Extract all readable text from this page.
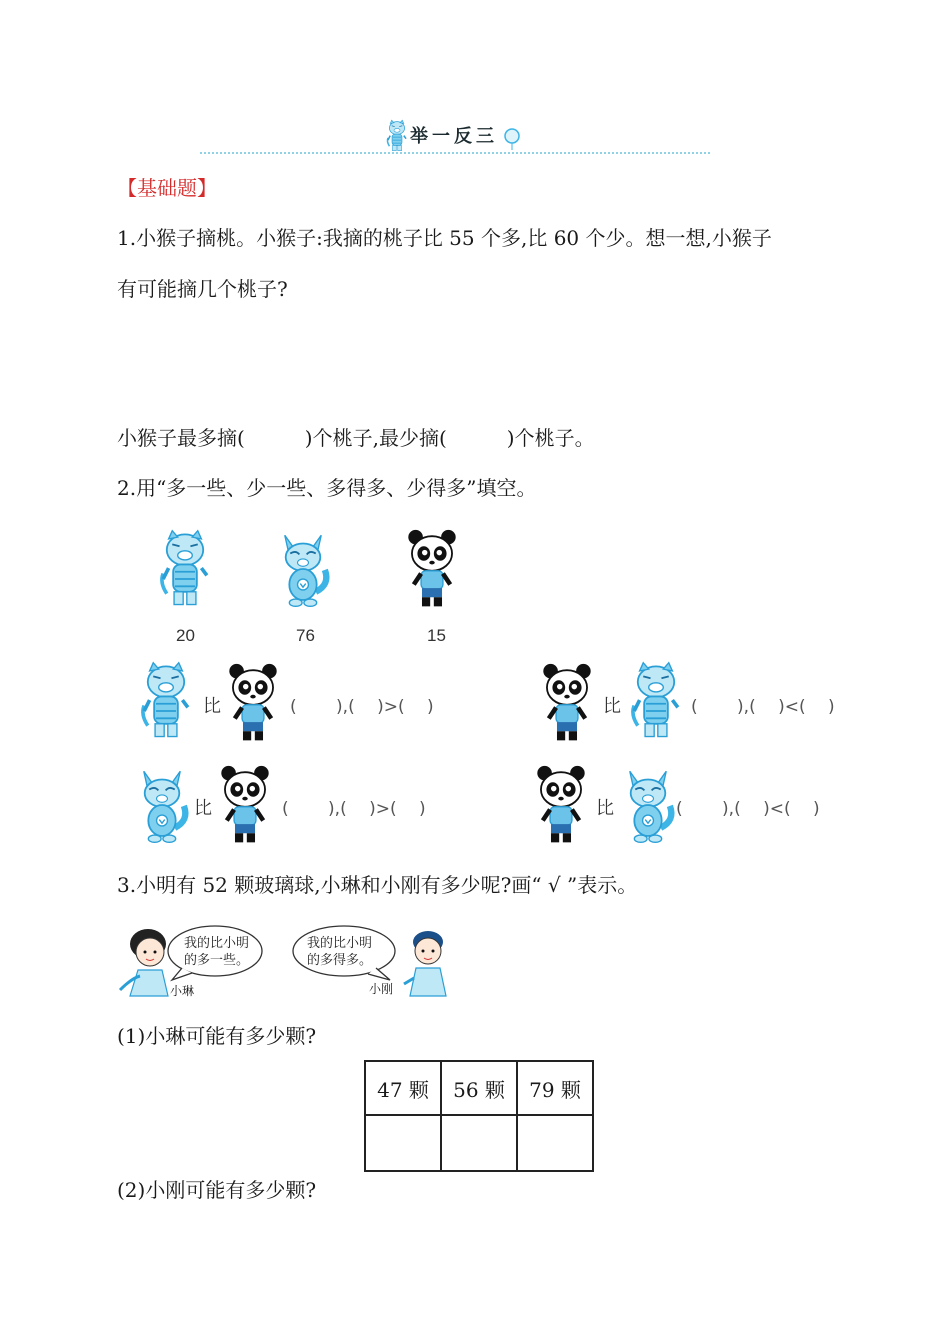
举一反三
【基础题】
1.小猴子摘桃。小猴子:我摘的桃子比 55 个多,比 60 个少。想一想,小猴子
有可能摘几个桃子?
小猴子最多摘(　　　)个桃子,最少摘(　　　)个桃子。
2.用“多一些、少一些、多得多、少得多”填空。
20	76	15
比	(　　 ),(　 )>(　 )	比	(　　 ),(　 )<(　 )
比	(　　 ),(　 )>(　 )	比	(　　 ),(　 )<(　 )
3.小明有 52 颗玻璃球,小琳和小刚有多少呢?画“ √ ”表示。
我的比小明
的多一些。
我的比小明
的多得多。
小琳	小刚
(1)小琳可能有多少颗?
47 颗	56 颗	79 颗

(2)小刚可能有多少颗?
